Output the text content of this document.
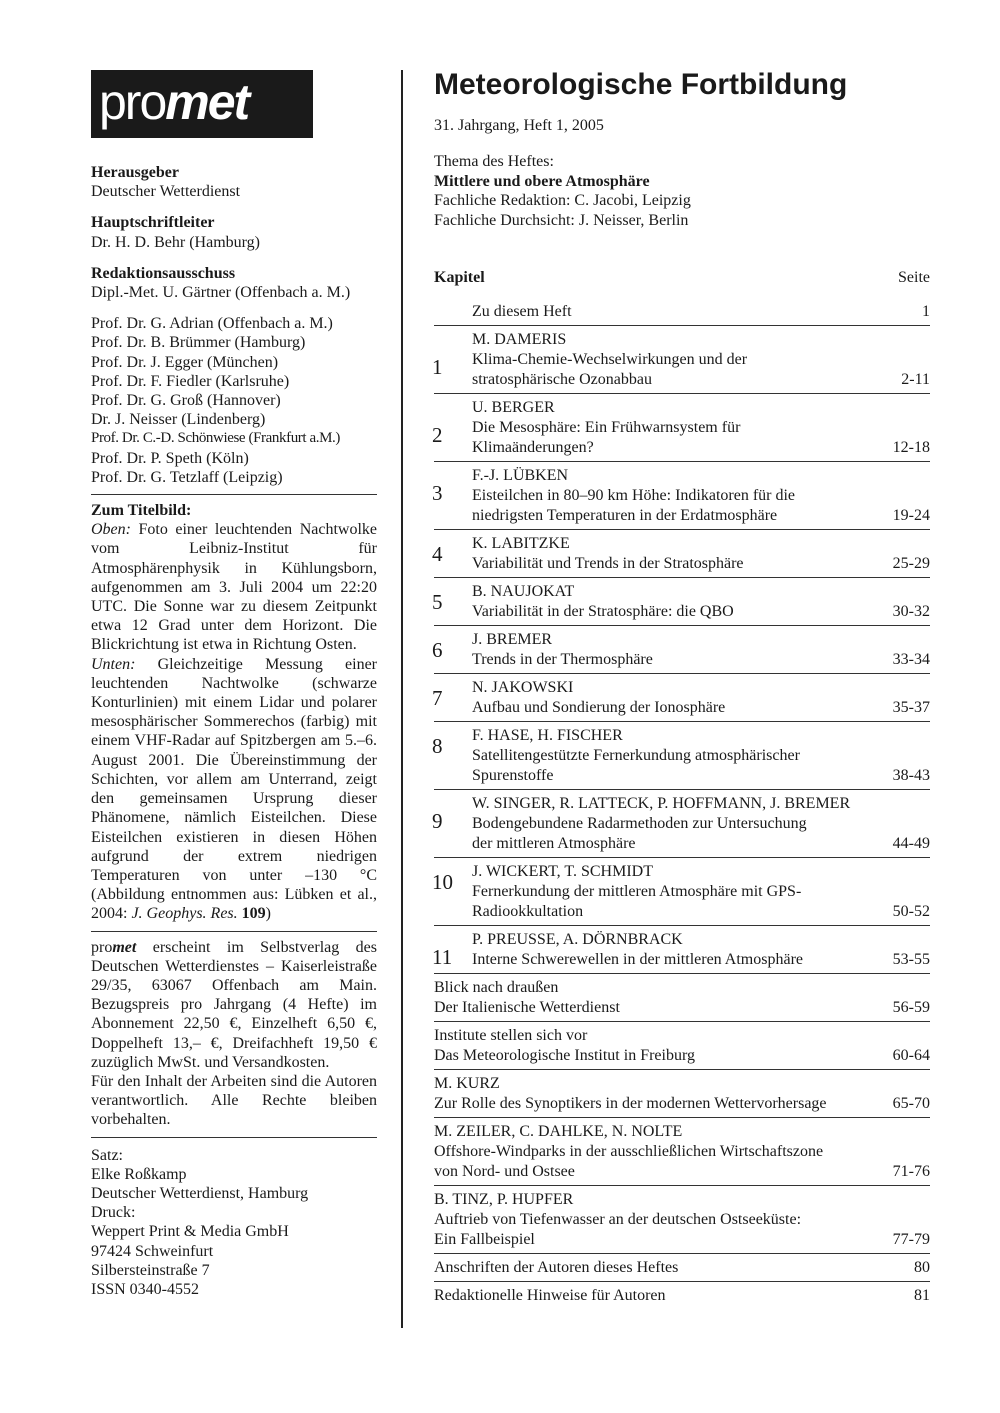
promet
Herausgeber
Deutscher Wetterdienst
Hauptschriftleiter
Dr. H. D. Behr (Hamburg)
Redaktionsausschuss
Dipl.-Met. U. Gärtner (Offenbach a. M.)
Prof. Dr. G. Adrian (Offenbach a. M.)
Prof. Dr. B. Brümmer (Hamburg)
Prof. Dr. J. Egger (München)
Prof. Dr. F. Fiedler (Karlsruhe)
Prof. Dr. G. Groß (Hannover)
Dr. J. Neisser (Lindenberg)
Prof. Dr. C.-D. Schönwiese (Frankfurt a.M.)
Prof. Dr. P. Speth (Köln)
Prof. Dr. G. Tetzlaff (Leipzig)
Zum Titelbild:
Oben: Foto einer leuchtenden Nachtwolke vom Leibniz-Institut für Atmosphärenphysik in Kühlungsborn, aufgenommen am 3. Juli 2004 um 22:20 UTC. Die Sonne war zu diesem Zeitpunkt etwa 12 Grad unter dem Horizont. Die Blickrichtung ist etwa in Richtung Osten.
Unten: Gleichzeitige Messung einer leuchtenden Nachtwolke (schwarze Konturlinien) mit einem Lidar und polarer mesosphärischer Sommerechos (farbig) mit einem VHF-Radar auf Spitzbergen am 5.–6. August 2001. Die Übereinstimmung der Schichten, vor allem am Unterrand, zeigt den gemeinsamen Ursprung dieser Phänomene, nämlich Eisteilchen. Diese Eisteilchen existieren in diesen Höhen aufgrund der extrem niedrigen Temperaturen von unter –130 °C (Abbildung entnommen aus: Lübken et al., 2004: J. Geophys. Res. 109)
promet erscheint im Selbstverlag des Deutschen Wetterdienstes – Kaiserleistraße 29/35, 63067 Offenbach am Main. Bezugspreis pro Jahrgang (4 Hefte) im Abonnement 22,50 €, Einzelheft 6,50 €, Doppelheft 13,– €, Dreifachheft 19,50 € zuzüglich MwSt. und Versandkosten.
Für den Inhalt der Arbeiten sind die Autoren verantwortlich. Alle Rechte bleiben vorbehalten.
Satz:
Elke Roßkamp
Deutscher Wetterdienst, Hamburg
Druck:
Weppert Print & Media GmbH
97424 Schweinfurt
Silbersteinstraße 7
ISSN 0340-4552
Meteorologische Fortbildung
31. Jahrgang, Heft 1, 2005
Thema des Heftes:
Mittlere und obere Atmosphäre
Fachliche Redaktion: C. Jacobi, Leipzig
Fachliche Durchsicht: J. Neisser, Berlin
Kapitel	Seite
Zu diesem Heft	1
1
M. DAMERIS
Klima-Chemie-Wechselwirkungen und der
stratosphärische Ozonabbau	2-11
2
U. BERGER
Die Mesosphäre: Ein Frühwarnsystem für
Klimaänderungen?	12-18
3
F.-J. LÜBKEN
Eisteilchen in 80–90 km Höhe: Indikatoren für die
niedrigsten Temperaturen in der Erdatmosphäre	19-24
4 K. LABITZKE
Variabilität und Trends in der Stratosphäre	25-29
5 B. NAUJOKAT
Variabilität in der Stratosphäre: die QBO	30-32
6 J. BREMER
Trends in der Thermosphäre	33-34
7 N. JAKOWSKI
Aufbau und Sondierung der Ionosphäre	35-37
8 F. HASE, H. FISCHER
Satellitengestützte Fernerkundung atmosphärischer
Spurenstoffe	38-43
9
W. SINGER, R. LATTECK, P. HOFFMANN, J. BREMER
Bodengebundene Radarmethoden zur Untersuchung
der mittleren Atmosphäre	44-49
10 J. WICKERT, T. SCHMIDT
Fernerkundung der mittleren Atmosphäre mit GPS-
Radiookkultation	50-52
11
P. PREUSSE, A. DÖRNBRACK
Interne Schwerewellen in der mittleren Atmosphäre	53-55
Blick nach draußen
Der Italienische Wetterdienst	56-59
Institute stellen sich vor
Das Meteorologische Institut in Freiburg	60-64
M. KURZ
Zur Rolle des Synoptikers in der modernen Wettervorhersage	65-70
M. ZEILER, C. DAHLKE, N. NOLTE
Offshore-Windparks in der ausschließlichen Wirtschaftszone
von Nord- und Ostsee	71-76
B. TINZ, P. HUPFER
Auftrieb von Tiefenwasser an der deutschen Ostseeküste:
Ein Fallbeispiel	77-79
Anschriften der Autoren dieses Heftes	80
Redaktionelle Hinweise für Autoren	81
